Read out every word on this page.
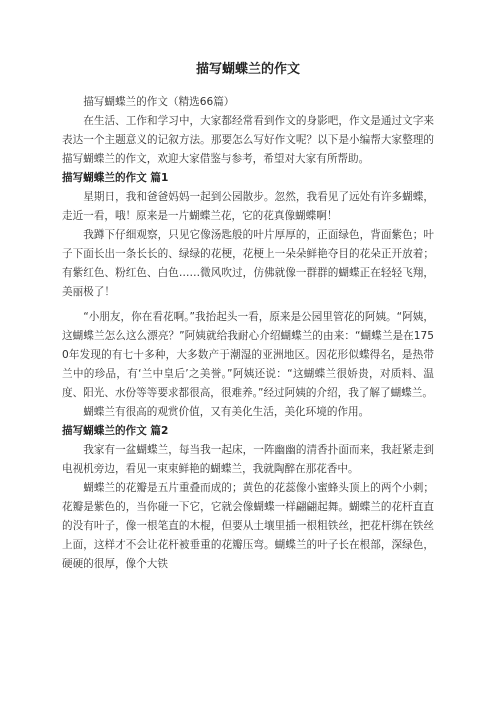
描写蝴蝶兰的作文

描写蝴蝶兰的作文（精选66篇）

在生活、工作和学习中，大家都经常看到作文的身影吧，作文是通过文字来表达一个主题意义的记叙方法。那要怎么写好作文呢？以下是小编帮大家整理的描写蝴蝶兰的作文，欢迎大家借鉴与参考，希望对大家有所帮助。

描写蝴蝶兰的作文 篇1

星期日，我和爸爸妈妈一起到公园散步。忽然，我看见了远处有许多蝴蝶，走近一看，哦！原来是一片蝴蝶兰花，它的花真像蝴蝶啊！

我蹲下仔细观察，只见它像汤匙般的叶片厚厚的，正面绿色，背面紫色；叶子下面长出一条长长的、绿绿的花梗，花梗上一朵朵鲜艳夺目的花朵正开放着；有紫红色、粉红色、白色……微风吹过，仿佛就像一群群的蝴蝶正在轻轻飞翔，美丽极了！

“小朋友，你在看花啊。”我抬起头一看，原来是公园里管花的阿姨。“阿姨，这蝴蝶兰怎么这么漂亮？”阿姨就给我耐心介绍蝴蝶兰的由来：“蝴蝶兰是在1750年发现的有七十多种，大多数产于潮湿的亚洲地区。因花形似蝶得名，是热带兰中的珍品，有‘兰中皇后’之美誉。”阿姨还说：“这蝴蝶兰很娇贵，对质料、温度、阳光、水份等等要求都很高，很难养。”经过阿姨的介绍，我了解了蝴蝶兰。

蝴蝶兰有很高的观赏价值，又有美化生活，美化环境的作用。

描写蝴蝶兰的作文 篇2

我家有一盆蝴蝶兰，每当我一起床，一阵幽幽的清香扑面而来，我赶紧走到电视机旁边，看见一束束鲜艳的蝴蝶兰，我就陶醉在那花香中。

蝴蝶兰的花瓣是五片重叠而成的；黄色的花蕊像小蜜蜂头顶上的两个小刺；花瓣是紫色的，当你碰一下它，它就会像蝴蝶一样翩翩起舞。蝴蝶兰的花杆直直的没有叶子，像一根笔直的木棍，但要从土壤里插一根粗铁丝，把花杆绑在铁丝上面，这样才不会让花杆被垂重的花瓣压弯。蝴蝶兰的叶子长在根部，深绿色，硬硬的很厚，像个大铁
